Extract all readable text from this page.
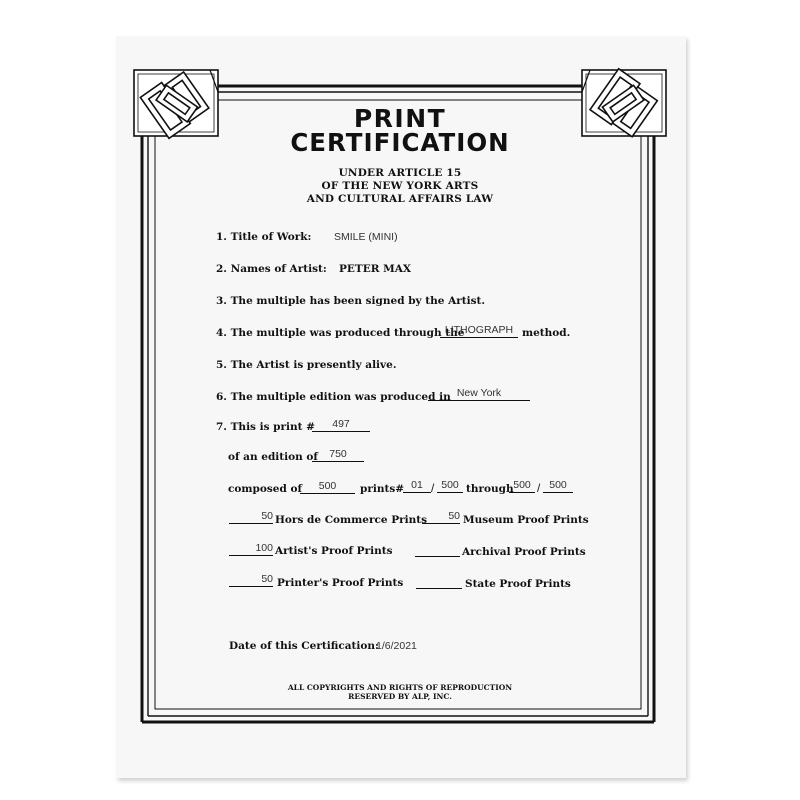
PRINT
CERTIFICATION
UNDER ARTICLE 15
OF THE NEW YORK ARTS
AND CULTURAL AFFAIRS LAW
1. Title of Work: SMILE (MINI)
2. Names of Artist: PETER MAX
3. The multiple has been signed by the Artist.
4. The multiple was produced through the
LITHOGRAPH method.
5. The Artist is presently alive.
6. The multiple edition was produced in New York
7. This is print #	497
of an edition of	750
composed of	500	prints# 01 / 500 through 500 / 500
50 Hors de Commerce Prints	50 Museum Proof Prints
100 Artist's Proof Prints	Archival Proof Prints
50 Printer's Proof Prints	State Proof Prints
Date of this Certification:
1/6/2021
ALL COPYRIGHTS AND RIGHTS OF REPRODUCTION
RESERVED BY ALP, INC.
